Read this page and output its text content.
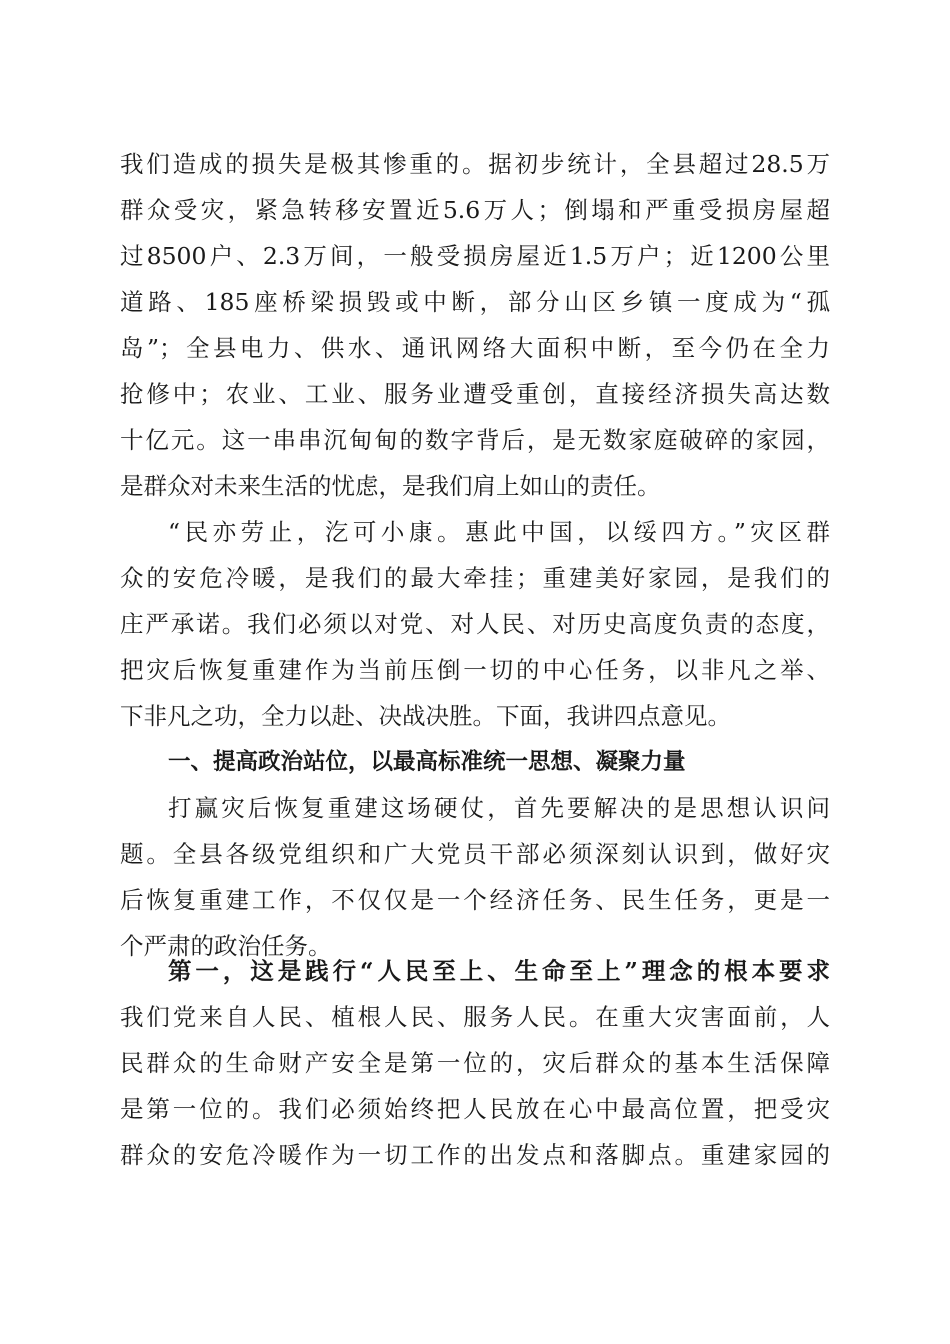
我们造成的损失是极其惨重的。据初步统计，全县超过28.5万
群众受灾，紧急转移安置近5.6万人；倒塌和严重受损房屋超
过8500户、2.3万间，一般受损房屋近1.5万户；近1200公里
道路、185座桥梁损毁或中断，部分山区乡镇一度成为“孤
岛”；全县电力、供水、通讯网络大面积中断，至今仍在全力
抢修中；农业、工业、服务业遭受重创，直接经济损失高达数
十亿元。这一串串沉甸甸的数字背后，是无数家庭破碎的家园，
是群众对未来生活的忧虑，是我们肩上如山的责任。
“民亦劳止，汔可小康。惠此中国，以绥四方。”灾区群
众的安危冷暖，是我们的最大牵挂；重建美好家园，是我们的
庄严承诺。我们必须以对党、对人民、对历史高度负责的态度，
把灾后恢复重建作为当前压倒一切的中心任务，以非凡之举、
下非凡之功，全力以赴、决战决胜。下面，我讲四点意见。
一、提高政治站位，以最高标准统一思想、凝聚力量
打赢灾后恢复重建这场硬仗，首先要解决的是思想认识问
题。全县各级党组织和广大党员干部必须深刻认识到，做好灾
后恢复重建工作，不仅仅是一个经济任务、民生任务，更是一
个严肃的政治任务。
第一，这是践行“人民至上、生命至上”理念的根本要求
我们党来自人民、植根人民、服务人民。在重大灾害面前，人
民群众的生命财产安全是第一位的，灾后群众的基本生活保障
是第一位的。我们必须始终把人民放在心中最高位置，把受灾
群众的安危冷暖作为一切工作的出发点和落脚点。重建家园的
